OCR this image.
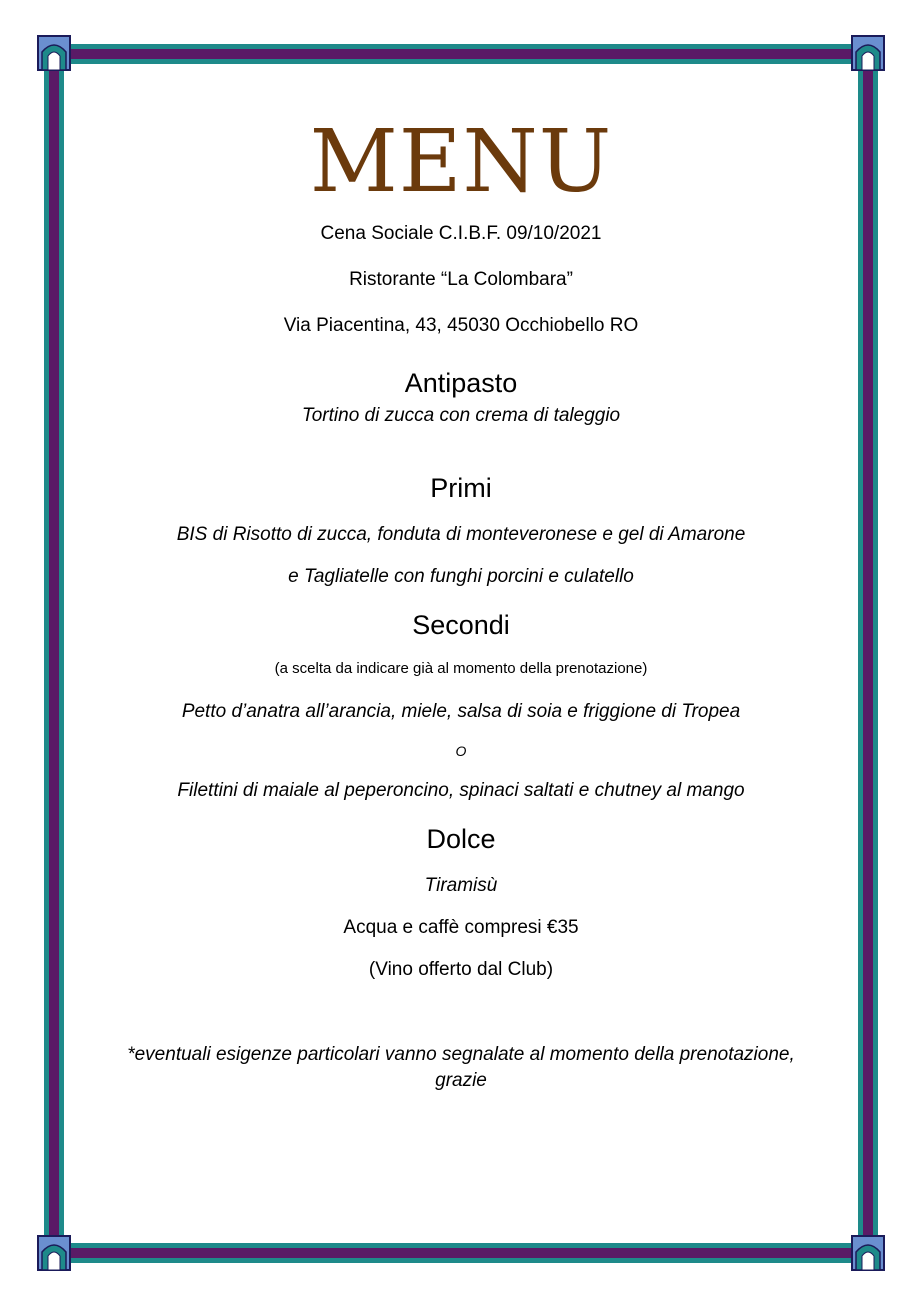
MENU
Cena Sociale C.I.B.F. 09/10/2021
Ristorante “La Colombara”
Via Piacentina, 43, 45030 Occhiobello RO
Antipasto
Tortino di zucca con crema di taleggio
Primi
BIS di Risotto di zucca, fonduta di monteveronese e gel di Amarone
e Tagliatelle con funghi porcini e culatello
Secondi
(a scelta da indicare già al momento della prenotazione)
Petto d’anatra all’arancia, miele, salsa di soia e friggione di Tropea
O
Filettini di maiale al peperoncino, spinaci saltati e chutney al mango
Dolce
Tiramisù
Acqua e caffè compresi €35
(Vino offerto dal Club)
*eventuali esigenze particolari vanno segnalate al momento della prenotazione, grazie
